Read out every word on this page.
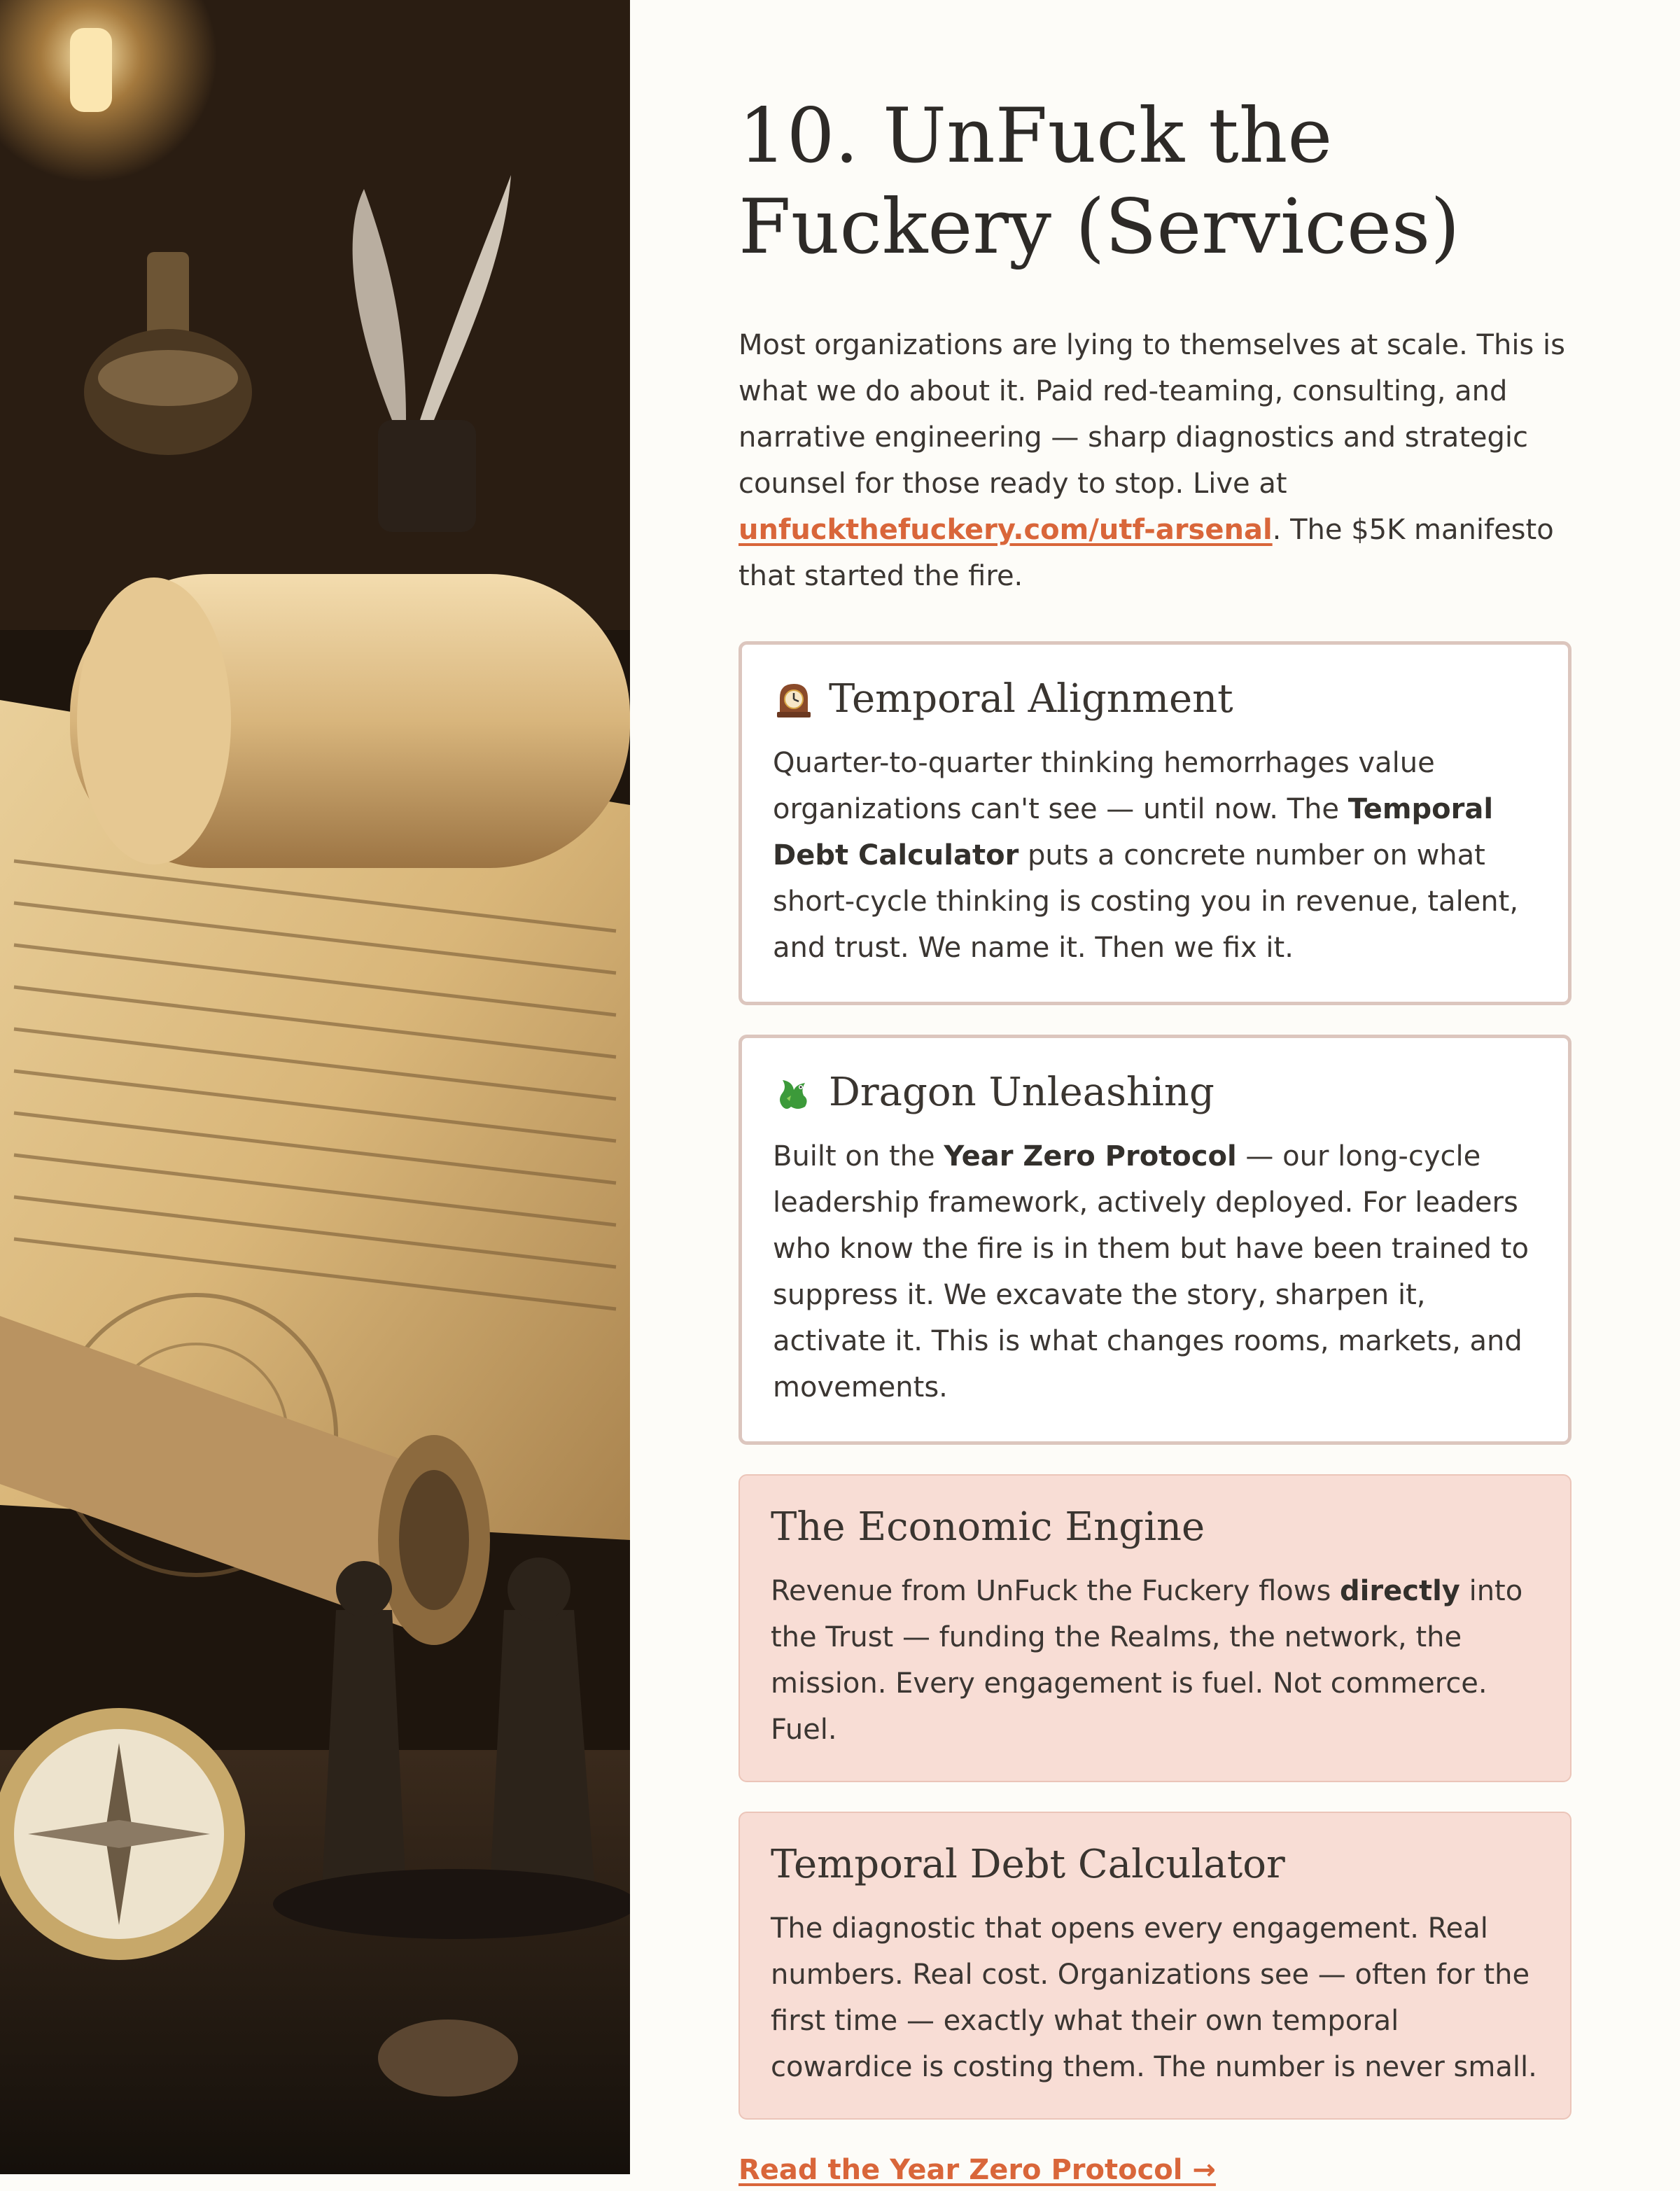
10. UnFuck the Fuckery (Services)

Most organizations are lying to themselves at scale. This is what we do about it. Paid red-teaming, consulting, and narrative engineering — sharp diagnostics and strategic counsel for those ready to stop. Live at unfuckthefuckery.com/utf-arsenal. The $5K manifesto that started the fire.

Temporal Alignment

Quarter-to-quarter thinking hemorrhages value organizations can't see — until now. The Temporal Debt Calculator puts a concrete number on what short-cycle thinking is costing you in revenue, talent, and trust. We name it. Then we fix it.

Dragon Unleashing

Built on the Year Zero Protocol — our long-cycle leadership framework, actively deployed. For leaders who know the fire is in them but have been trained to suppress it. We excavate the story, sharpen it, activate it. This is what changes rooms, markets, and movements.

The Economic Engine

Revenue from UnFuck the Fuckery flows directly into the Trust — funding the Realms, the network, the mission. Every engagement is fuel. Not commerce. Fuel.

Temporal Debt Calculator

The diagnostic that opens every engagement. Real numbers. Real cost. Organizations see — often for the first time — exactly what their own temporal cowardice is costing them. The number is never small.

Read the Year Zero Protocol →
